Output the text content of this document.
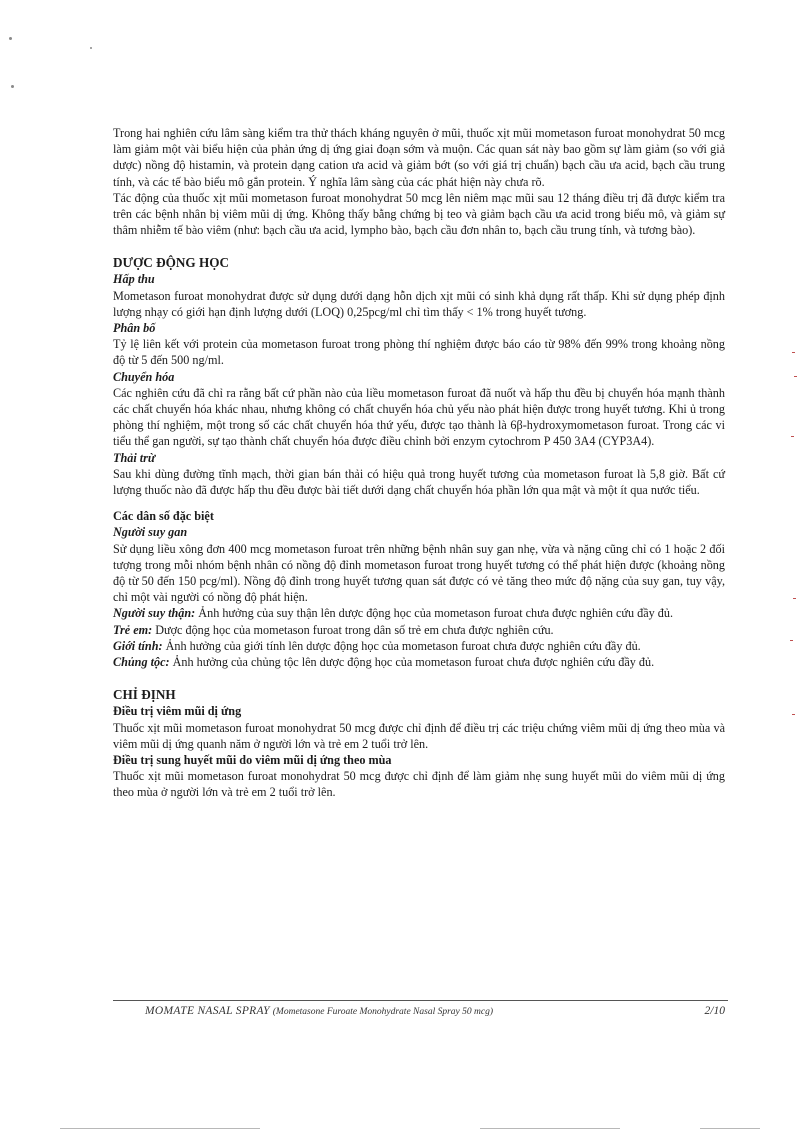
Trong hai nghiên cứu lâm sàng kiểm tra thử thách kháng nguyên ở mũi, thuốc xịt mũi mometason furoat monohydrat 50 mcg làm giảm một vài biểu hiện của phản ứng dị ứng giai đoạn sớm và muộn. Các quan sát này bao gồm sự làm giảm (so với giả dược) nồng độ histamin, và protein dạng cation ưa acid và giảm bớt (so với giá trị chuẩn) bạch cầu ưa acid, bạch cầu trung tính, và các tế bào biểu mô gắn protein. Ý nghĩa lâm sàng của các phát hiện này chưa rõ.

Tác động của thuốc xịt mũi mometason furoat monohydrat 50 mcg lên niêm mạc mũi sau 12 tháng điều trị đã được kiểm tra trên các bệnh nhân bị viêm mũi dị ứng. Không thấy bằng chứng bị teo và giảm bạch cầu ưa acid trong biểu mô, và giảm sự thâm nhiễm tế bào viêm (như: bạch cầu ưa acid, lympho bào, bạch cầu đơn nhân to, bạch cầu trung tính, và tương bào).

DƯỢC ĐỘNG HỌC
Hấp thu

Mometason furoat monohydrat được sử dụng dưới dạng hỗn dịch xịt mũi có sinh khả dụng rất thấp. Khi sử dụng phép định lượng nhạy có giới hạn định lượng dưới (LOQ) 0,25pcg/ml chỉ tìm thấy < 1% trong huyết tương.

Phân bố

Tỷ lệ liên kết với protein của mometason furoat trong phòng thí nghiệm được báo cáo từ 98% đến 99% trong khoảng nồng độ từ 5 đến 500 ng/ml.

Chuyển hóa

Các nghiên cứu đã chỉ ra rằng bất cứ phần nào của liều mometason furoat đã nuốt và hấp thu đều bị chuyển hóa mạnh thành các chất chuyển hóa khác nhau, nhưng không có chất chuyển hóa chủ yếu nào phát hiện được trong huyết tương. Khi ủ trong phòng thí nghiệm, một trong số các chất chuyển hóa thứ yếu, được tạo thành là 6β-hydroxymometason furoat. Trong các vi tiểu thể gan người, sự tạo thành chất chuyển hóa được điều chỉnh bởi enzym cytochrom P 450 3A4 (CYP3A4).

Thải trừ

Sau khi dùng đường tĩnh mạch, thời gian bán thải có hiệu quả trong huyết tương của mometason furoat là 5,8 giờ. Bất cứ lượng thuốc nào đã được hấp thu đều được bài tiết dưới dạng chất chuyển hóa phần lớn qua mật và một ít qua nước tiểu.

Các dân số đặc biệt
Người suy gan

Sử dụng liều xông đơn 400 mcg mometason furoat trên những bệnh nhân suy gan nhẹ, vừa và nặng cũng chỉ có 1 hoặc 2 đối tượng trong mỗi nhóm bệnh nhân có nồng độ đỉnh mometason furoat trong huyết tương có thể phát hiện được (khoảng nồng độ từ 50 đến 150 pcg/ml). Nồng độ đỉnh trong huyết tương quan sát được có vẻ tăng theo mức độ nặng của suy gan, tuy vậy, chỉ một vài người có nồng độ phát hiện.

Người suy thận: Ảnh hưởng của suy thận lên dược động học của mometason furoat chưa được nghiên cứu đầy đủ.

Trẻ em: Dược động học của mometason furoat trong dân số trẻ em chưa được nghiên cứu.

Giới tính: Ảnh hưởng của giới tính lên dược động học của mometason furoat chưa được nghiên cứu đầy đủ.

Chủng tộc: Ảnh hưởng của chủng tộc lên dược động học của mometason furoat chưa được nghiên cứu đầy đủ.

CHỈ ĐỊNH
Điều trị viêm mũi dị ứng

Thuốc xịt mũi mometason furoat monohydrat 50 mcg được chỉ định để điều trị các triệu chứng viêm mũi dị ứng theo mùa và viêm mũi dị ứng quanh năm ở người lớn và trẻ em 2 tuổi trở lên.

Điều trị sung huyết mũi do viêm mũi dị ứng theo mùa

Thuốc xịt mũi mometason furoat monohydrat 50 mcg được chỉ định để làm giảm nhẹ sung huyết mũi do viêm mũi dị ứng theo mùa ở người lớn và trẻ em 2 tuổi trở lên.

MOMATE NASAL SPRAY (Mometasone Furoate Monohydrate Nasal Spray 50 mcg)	2/10
